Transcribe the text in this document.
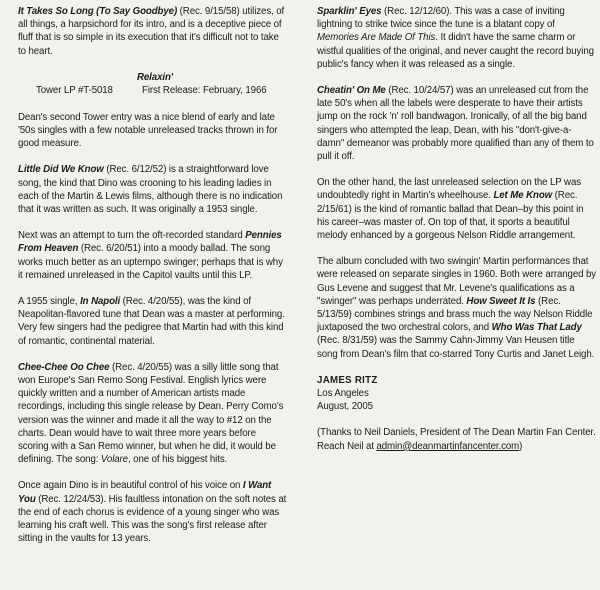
It Takes So Long (To Say Goodbye) (Rec. 9/15/58) utilizes, of all things, a harpsichord for its intro, and is a deceptive piece of fluff that is so simple in its execution that it's difficult not to take to heart.

Relaxin'
Tower LP #T-5018	First Release: February, 1966

Dean's second Tower entry was a nice blend of early and late '50s singles with a few notable unreleased tracks thrown in for good measure.

Little Did We Know (Rec. 6/12/52) is a straightforward love song, the kind that Dino was crooning to his leading ladies in each of the Martin & Lewis films, although there is no indication that it was written as such. It was originally a 1953 single.

Next was an attempt to turn the oft-recorded standard Pennies From Heaven (Rec. 6/20/51) into a moody ballad. The song works much better as an uptempo swinger; perhaps that is why it remained unreleased in the Capitol vaults until this LP.

A 1955 single, In Napoli (Rec. 4/20/55), was the kind of Neapolitan-flavored tune that Dean was a master at performing. Very few singers had the pedigree that Martin had with this kind of romantic, continental material.

Chee-Chee Oo Chee (Rec. 4/20/55) was a silly little song that won Europe's San Remo Song Festival. English lyrics were quickly written and a number of American artists made recordings, including this single release by Dean. Perry Como's version was the winner and made it all the way to #12 on the charts. Dean would have to wait three more years before scoring with a San Remo winner, but when he did, it would be defining. The song: Volare, one of his biggest hits.

Once again Dino is in beautiful control of his voice on I Want You (Rec. 12/24/53). His faultless intonation on the soft notes at the end of each chorus is evidence of a young singer who was learning his craft well. This was the song's first release after sitting in the vaults for 13 years.

Sparklin' Eyes (Rec. 12/12/60). This was a case of inviting lightning to strike twice since the tune is a blatant copy of Memories Are Made Of This. It didn't have the same charm or wistful qualities of the original, and never caught the record buying public's fancy when it was released as a single.

Cheatin' On Me (Rec. 10/24/57) was an unreleased cut from the late 50's when all the labels were desperate to have their artists jump on the rock 'n' roll bandwagon. Ironically, of all the big band singers who attempted the leap, Dean, with his "don't-give-a-damn" demeanor was probably more qualified than any of them to pull it off.

On the other hand, the last unreleased selection on the LP was undoubtedly right in Martin's wheelhouse. Let Me Know (Rec. 2/15/61) is the kind of romantic ballad that Dean–by this point in his career–was master of. On top of that, it sports a beautiful melody enhanced by a gorgeous Nelson Riddle arrangement.

The album concluded with two swingin' Martin performances that were released on separate singles in 1960. Both were arranged by Gus Levene and suggest that Mr. Levene's qualifications as a "swinger" was perhaps underrated. How Sweet It Is (Rec. 5/13/59) combines strings and brass much the way Nelson Riddle juxtaposed the two orchestral colors, and Who Was That Lady (Rec. 8/31/59) was the Sammy Cahn-Jimmy Van Heusen title song from Dean's film that co-starred Tony Curtis and Janet Leigh.

JAMES RITZ
Los Angeles
August, 2005

(Thanks to Neil Daniels, President of The Dean Martin Fan Center. Reach Neil at admin@deanmartinfancenter.com)
